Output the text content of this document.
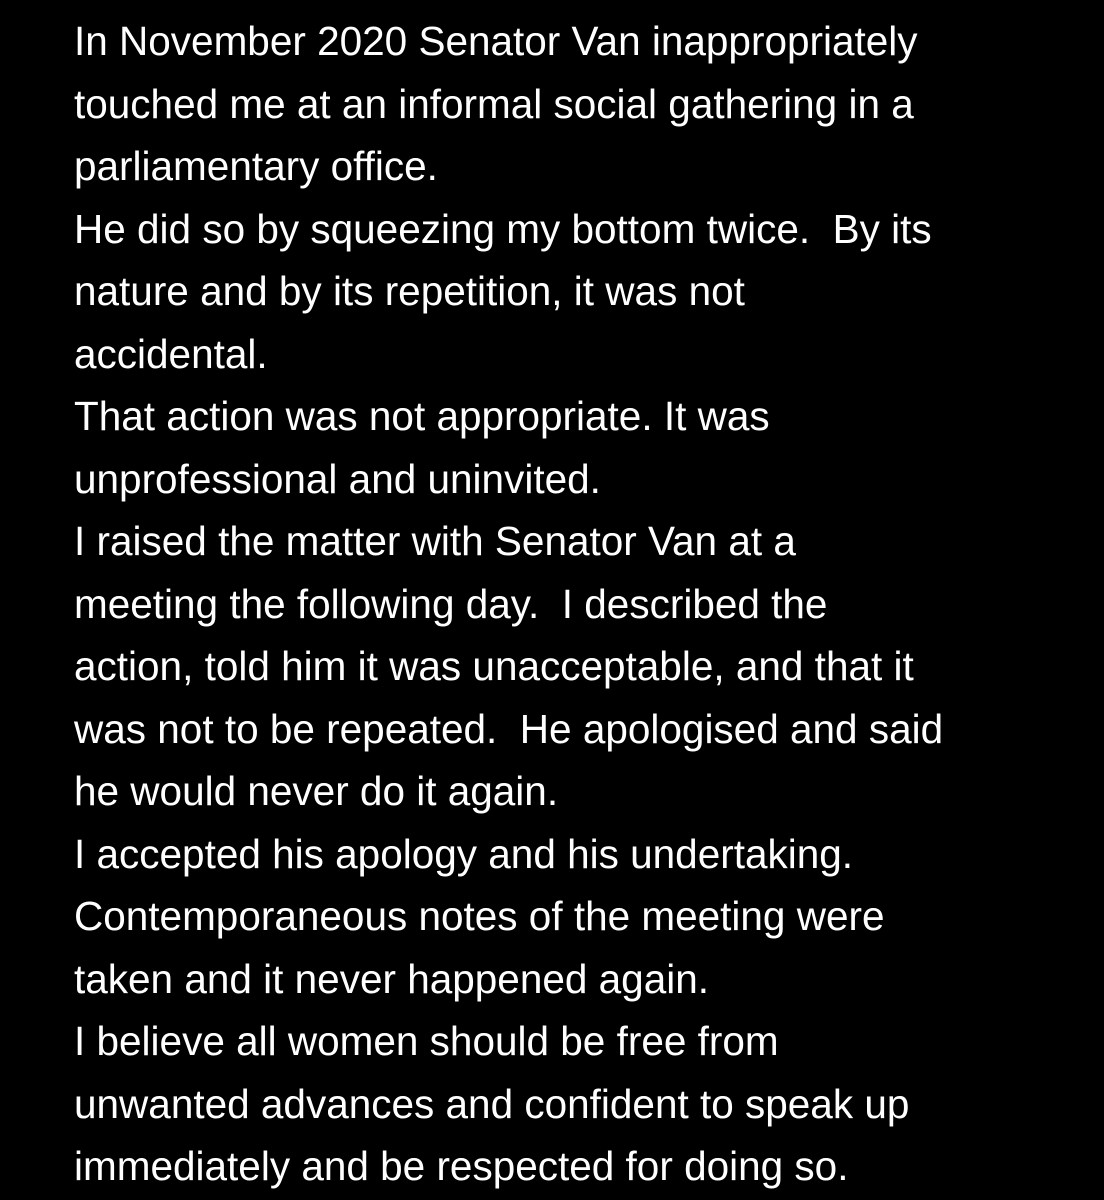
In November 2020 Senator Van inappropriately
touched me at an informal social gathering in a
parliamentary office.
He did so by squeezing my bottom twice.  By its
nature and by its repetition, it was not
accidental.
That action was not appropriate. It was
unprofessional and uninvited.
I raised the matter with Senator Van at a
meeting the following day.  I described the
action, told him it was unacceptable, and that it
was not to be repeated.  He apologised and said
he would never do it again.
I accepted his apology and his undertaking.
Contemporaneous notes of the meeting were
taken and it never happened again.
I believe all women should be free from
unwanted advances and confident to speak up
immediately and be respected for doing so.
